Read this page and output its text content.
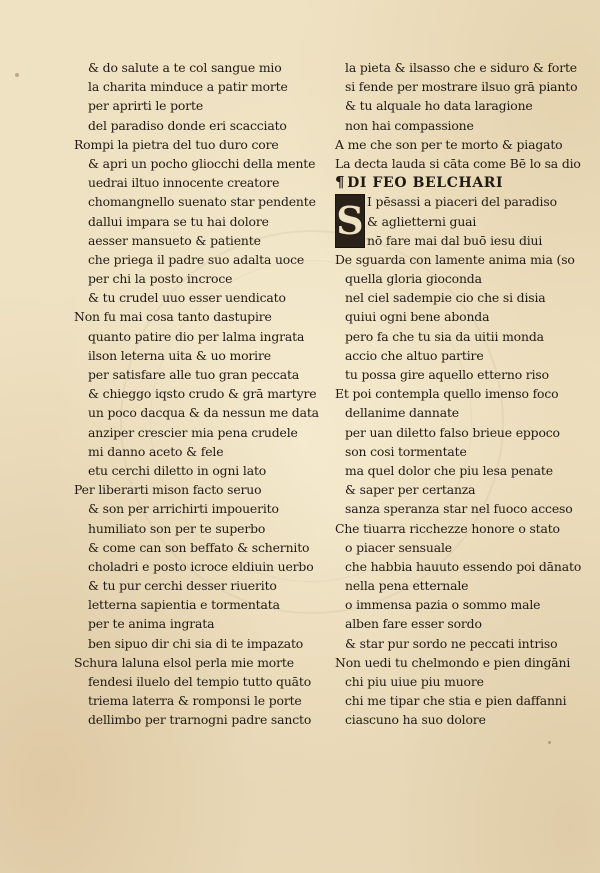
& do salute a te col sangue mio
la charita minduce a patir morte
per aprirti le porte
del paradiso donde eri scacciato
Rompi la pietra del tuo duro core
& apri un pocho gliocchi della mente
uedrai iltuo innocente creatore
chomangnello suenato star pendente
dallui impara se tu hai dolore
aesser mansueto & patiente
che priega il padre suo adalta uoce
per chi la posto incroce
& tu crudel uuo esser uendicato
Non fu mai cosa tanto dastupire
quanto patire dio per lalma ingrata
ilson leterna uita & uo morire
per satisfare alle tuo gran peccata
& chieggo iqsto crudo & grā martyre
un poco dacqua & da nessun me data
anziper crescier mia pena crudele
mi danno aceto & fele
etu cerchi diletto in ogni lato
Per liberarti mison facto seruo
& son per arrichirti impouerito
humiliato son per te superbo
& come can son beffato & schernito
choladri e posto icroce eldiuin uerbo
& tu pur cerchi desser riuerito
letterna sapientia e tormentata
per te anima ingrata
ben sipuo dir chi sia di te impazato
Schura laluna elsol perla mie morte
fendesi iluelo del tempio tutto quāto
triema laterra & romponsi le porte
dellimbo per trarnogni padre sancto
la pieta & ilsasso che e siduro & forte
si fende per mostrare ilsuo grā pianto
& tu alquale ho data laragione
non hai compassione
A me che son per te morto & piagato
La decta lauda si cāta come Bē lo sa dio
¶ DI FEO BELCHARI
S I pēsassi a piaceri del paradiso
& aglietterni guai
nō fare mai dal buō iesu diui
De sguarda con lamente anima mia (so
quella gloria gioconda
nel ciel sadempie cio che si disia
quiui ogni bene abonda
pero fa che tu sia da uitii monda
accio che altuo partire
tu possa gire aquello etterno riso
Et poi contempla quello imenso foco
dellanime dannate
per uan diletto falso brieue eppoco
son cosi tormentate
ma quel dolor che piu lesa penate
& saper per certanza
sanza speranza star nel fuoco acceso
Che tiuarra ricchezze honore o stato
o piacer sensuale
che habbia hauuto essendo poi dānato
nella pena etternale
o immensa pazia o sommo male
alben fare esser sordo
& star pur sordo ne peccati intriso
Non uedi tu chelmondo e pien dingāni
chi piu uiue piu muore
chi me tipar che stia e pien daffanni
ciascuno ha suo dolore
